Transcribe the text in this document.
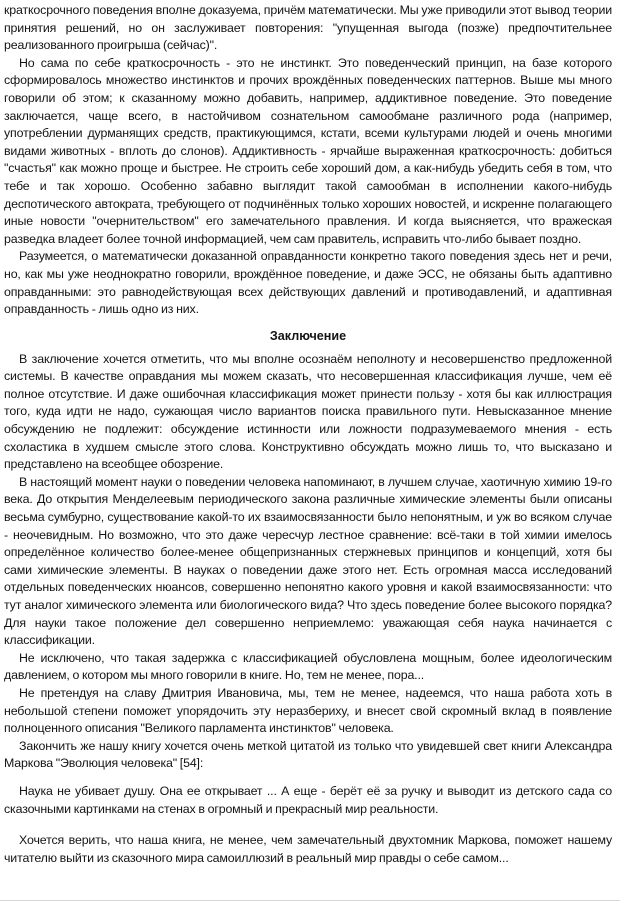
краткосрочного поведения вполне доказуема, причём математически. Мы уже приводили этот вывод теории принятия решений, но он заслуживает повторения: "упущенная выгода (позже) предпочтительнее реализованного проигрыша (сейчас)".

Но сама по себе краткосрочность - это не инстинкт. Это поведенческий принцип, на базе которого сформировалось множество инстинктов и прочих врождённых поведенческих паттернов. Выше мы много говорили об этом; к сказанному можно добавить, например, аддиктивное поведение. Это поведение заключается, чаще всего, в настойчивом сознательном самообмане различного рода (например, употреблении дурманящих средств, практикующимся, кстати, всеми культурами людей и очень многими видами животных - вплоть до слонов). Аддиктивность - ярчайше выраженная краткосрочность: добиться "счастья" как можно проще и быстрее. Не строить себе хороший дом, а как-нибудь убедить себя в том, что тебе и так хорошо. Особенно забавно выглядит такой самообман в исполнении какого-нибудь деспотического автократа, требующего от подчинённых только хороших новостей, и искренне полагающего иные новости "очернительством" его замечательного правления. И когда выясняется, что вражеская разведка владеет более точной информацией, чем сам правитель, исправить что-либо бывает поздно.

Разумеется, о математически доказанной оправданности конкретно такого поведения здесь нет и речи, но, как мы уже неоднократно говорили, врождённое поведение, и даже ЭСС, не обязаны быть адаптивно оправданными: это равнодействующая всех действующих давлений и противодавлений, и адаптивная оправданность - лишь одно из них.

Заключение

В заключение хочется отметить, что мы вполне осознаём неполноту и несовершенство предложенной системы. В качестве оправдания мы можем сказать, что несовершенная классификация лучше, чем её полное отсутствие. И даже ошибочная классификация может принести пользу - хотя бы как иллюстрация того, куда идти не надо, сужающая число вариантов поиска правильного пути. Невысказанное мнение обсуждению не подлежит: обсуждение истинности или ложности подразумеваемого мнения - есть схоластика в худшем смысле этого слова. Конструктивно обсуждать можно лишь то, что высказано и представлено на всеобщее обозрение.

В настоящий момент науки о поведении человека напоминают, в лучшем случае, хаотичную химию 19-го века. До открытия Менделеевым периодического закона различные химические элементы были описаны весьма сумбурно, существование какой-то их взаимосвязанности было непонятным, и уж во всяком случае - неочевидным. Но возможно, что это даже чересчур лестное сравнение: всё-таки в той химии имелось определённое количество более-менее общепризнанных стержневых принципов и концепций, хотя бы сами химические элементы. В науках о поведении даже этого нет. Есть огромная масса исследований отдельных поведенческих нюансов, совершенно непонятно какого уровня и какой взаимосвязанности: что тут аналог химического элемента или биологического вида? Что здесь поведение более высокого порядка? Для науки такое положение дел совершенно неприемлемо: уважающая себя наука начинается с классификации.

Не исключено, что такая задержка с классификацией обусловлена мощным, более идеологическим давлением, о котором мы много говорили в книге. Но, тем не менее, пора...

Не претендуя на славу Дмитрия Ивановича, мы, тем не менее, надеемся, что наша работа хоть в небольшой степени поможет упорядочить эту неразбериху, и внесет свой скромный вклад в появление полноценного описания "Великого парламента инстинктов" человека.

Закончить же нашу книгу хочется очень меткой цитатой из только что увидевшей свет книги Александра Маркова "Эволюция человека" [54]:

Наука не убивает душу. Она ее открывает ... А еще - берёт её за ручку и выводит из детского сада со сказочными картинками на стенах в огромный и прекрасный мир реальности.

Хочется верить, что наша книга, не менее, чем замечательный двухтомник Маркова, поможет нашему читателю выйти из сказочного мира самоиллюзий в реальный мир правды о себе самом...
